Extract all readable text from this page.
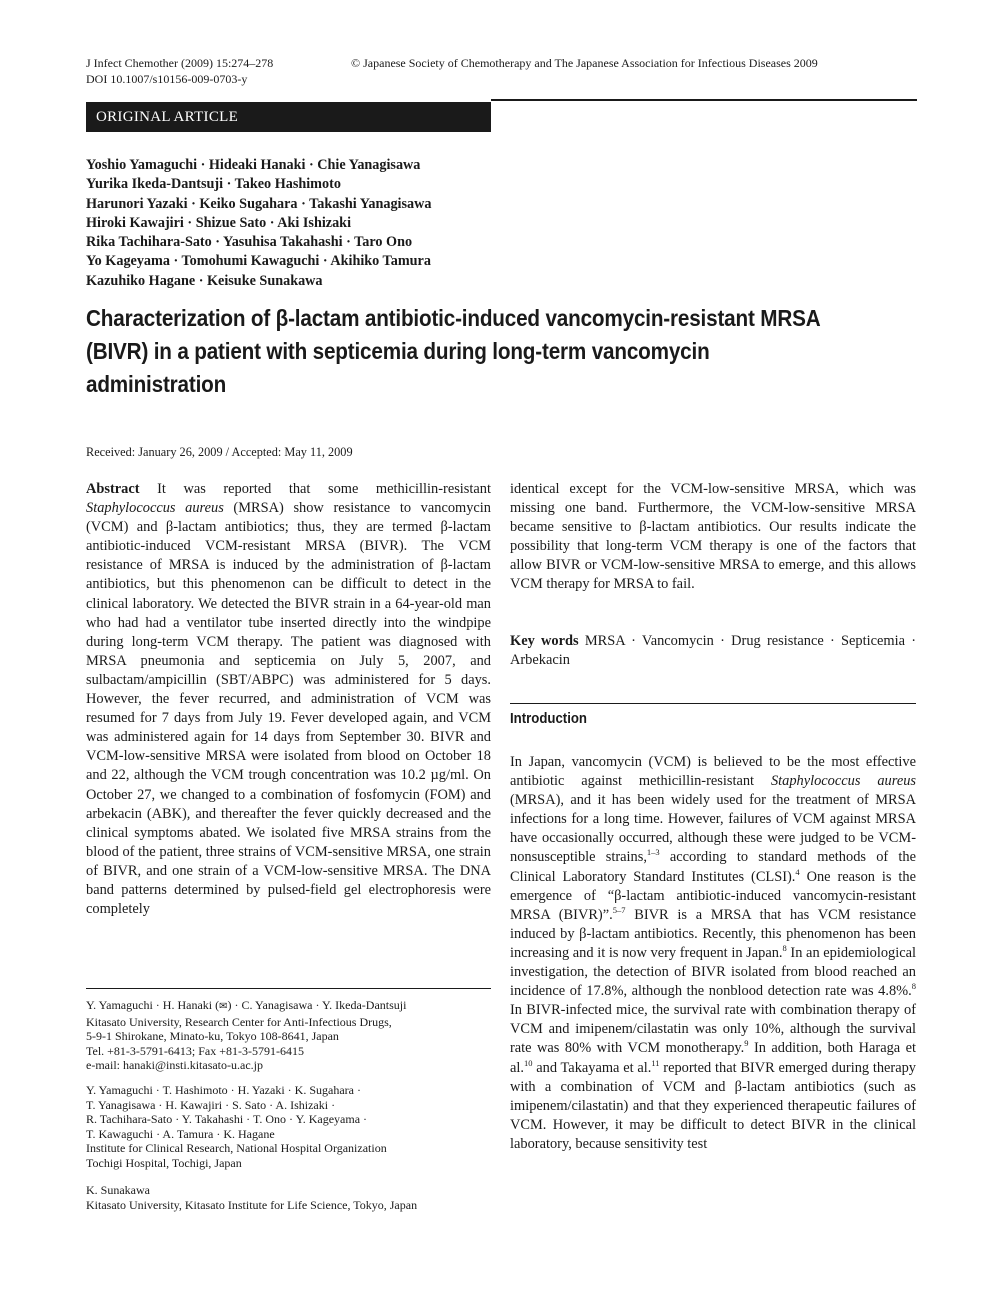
J Infect Chemother (2009) 15:274–278
DOI 10.1007/s10156-009-0703-y
© Japanese Society of Chemotherapy and The Japanese Association for Infectious Diseases 2009
ORIGINAL ARTICLE
Yoshio Yamaguchi · Hideaki Hanaki · Chie Yanagisawa
Yurika Ikeda-Dantsuji · Takeo Hashimoto
Harunori Yazaki · Keiko Sugahara · Takashi Yanagisawa
Hiroki Kawajiri · Shizue Sato · Aki Ishizaki
Rika Tachihara-Sato · Yasuhisa Takahashi · Taro Ono
Yo Kageyama · Tomohumi Kawaguchi · Akihiko Tamura
Kazuhiko Hagane · Keisuke Sunakawa
Characterization of β-lactam antibiotic-induced vancomycin-resistant MRSA (BIVR) in a patient with septicemia during long-term vancomycin administration
Received: January 26, 2009 / Accepted: May 11, 2009
Abstract It was reported that some methicillin-resistant Staphylococcus aureus (MRSA) show resistance to vancomycin (VCM) and β-lactam antibiotics; thus, they are termed β-lactam antibiotic-induced VCM-resistant MRSA (BIVR). The VCM resistance of MRSA is induced by the administration of β-lactam antibiotics, but this phenomenon can be difficult to detect in the clinical laboratory. We detected the BIVR strain in a 64-year-old man who had had a ventilator tube inserted directly into the windpipe during long-term VCM therapy. The patient was diagnosed with MRSA pneumonia and septicemia on July 5, 2007, and sulbactam/ampicillin (SBT/ABPC) was administered for 5 days. However, the fever recurred, and administration of VCM was resumed for 7 days from July 19. Fever developed again, and VCM was administered again for 14 days from September 30. BIVR and VCM-low-sensitive MRSA were isolated from blood on October 18 and 22, although the VCM trough concentration was 10.2 µg/ml. On October 27, we changed to a combination of fosfomycin (FOM) and arbekacin (ABK), and thereafter the fever quickly decreased and the clinical symptoms abated. We isolated five MRSA strains from the blood of the patient, three strains of VCM-sensitive MRSA, one strain of BIVR, and one strain of a VCM-low-sensitive MRSA. The DNA band patterns determined by pulsed-field gel electrophoresis were completely
identical except for the VCM-low-sensitive MRSA, which was missing one band. Furthermore, the VCM-low-sensitive MRSA became sensitive to β-lactam antibiotics. Our results indicate the possibility that long-term VCM therapy is one of the factors that allow BIVR or VCM-low-sensitive MRSA to emerge, and this allows VCM therapy for MRSA to fail.
Key words MRSA · Vancomycin · Drug resistance · Septicemia · Arbekacin
Introduction
In Japan, vancomycin (VCM) is believed to be the most effective antibiotic against methicillin-resistant Staphylococcus aureus (MRSA), and it has been widely used for the treatment of MRSA infections for a long time. However, failures of VCM against MRSA have occasionally occurred, although these were judged to be VCM-nonsusceptible strains,$^{1-3}$ according to standard methods of the Clinical Laboratory Standard Institutes (CLSI).$^4$ One reason is the emergence of “β-lactam antibiotic-induced vancomycin-resistant MRSA (BIVR)”.$^{5-7}$ BIVR is a MRSA that has VCM resistance induced by β-lactam antibiotics. Recently, this phenomenon has been increasing and it is now very frequent in Japan.$^8$ In an epidemiological investigation, the detection of BIVR isolated from blood reached an incidence of 17.8%, although the nonblood detection rate was 4.8%.$^8$ In BIVR-infected mice, the survival rate with combination therapy of VCM and imipenem/cilastatin was only 10%, although the survival rate was 80% with VCM monotherapy.$^9$ In addition, both Haraga et al.$^{10}$ and Takayama et al.$^{11}$ reported that BIVR emerged during therapy with a combination of VCM and β-lactam antibiotics (such as imipenem/cilastatin) and that they experienced therapeutic failures of VCM. However, it may be difficult to detect BIVR in the clinical laboratory, because sensitivity test
Y. Yamaguchi · H. Hanaki (✉) · C. Yanagisawa · Y. Ikeda-Dantsuji
Kitasato University, Research Center for Anti-Infectious Drugs,
5-9-1 Shirokane, Minato-ku, Tokyo 108-8641, Japan
Tel. +81-3-5791-6413; Fax +81-3-5791-6415
e-mail: hanaki@insti.kitasato-u.ac.jp
Y. Yamaguchi · T. Hashimoto · H. Yazaki · K. Sugahara ·
T. Yanagisawa · H. Kawajiri · S. Sato · A. Ishizaki ·
R. Tachihara-Sato · Y. Takahashi · T. Ono · Y. Kageyama ·
T. Kawaguchi · A. Tamura · K. Hagane
Institute for Clinical Research, National Hospital Organization
Tochigi Hospital, Tochigi, Japan
K. Sunakawa
Kitasato University, Kitasato Institute for Life Science, Tokyo, Japan
